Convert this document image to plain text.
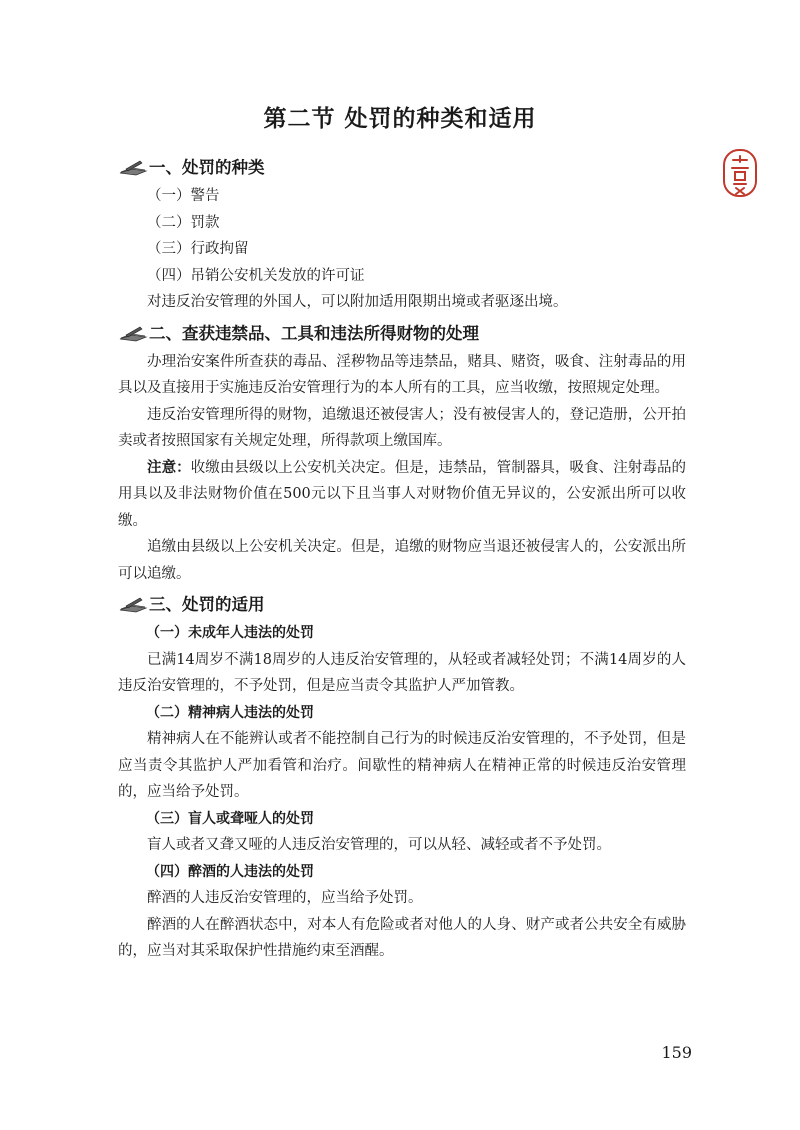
第二节 处罚的种类和适用
一、处罚的种类

（一）警告

（二）罚款

（三）行政拘留

（四）吊销公安机关发放的许可证

对违反治安管理的外国人，可以附加适用限期出境或者驱逐出境。

二、查获违禁品、工具和违法所得财物的处理

办理治安案件所查获的毒品、淫秽物品等违禁品，赌具、赌资，吸食、注射毒品的用具以及直接用于实施违反治安管理行为的本人所有的工具，应当收缴，按照规定处理。

违反治安管理所得的财物，追缴退还被侵害人；没有被侵害人的，登记造册，公开拍卖或者按照国家有关规定处理，所得款项上缴国库。

注意：收缴由县级以上公安机关决定。但是，违禁品，管制器具，吸食、注射毒品的用具以及非法财物价值在500元以下且当事人对财物价值无异议的，公安派出所可以收缴。

追缴由县级以上公安机关决定。但是，追缴的财物应当退还被侵害人的，公安派出所可以追缴。

三、处罚的适用

（一）未成年人违法的处罚

已满14周岁不满18周岁的人违反治安管理的，从轻或者减轻处罚；不满14周岁的人违反治安管理的，不予处罚，但是应当责令其监护人严加管教。

（二）精神病人违法的处罚

精神病人在不能辨认或者不能控制自己行为的时候违反治安管理的，不予处罚，但是应当责令其监护人严加看管和治疗。间歇性的精神病人在精神正常的时候违反治安管理的，应当给予处罚。

（三）盲人或聋哑人的处罚

盲人或者又聋又哑的人违反治安管理的，可以从轻、减轻或者不予处罚。

（四）醉酒的人违法的处罚

醉酒的人违反治安管理的，应当给予处罚。

醉酒的人在醉酒状态中，对本人有危险或者对他人的人身、财产或者公共安全有威胁的，应当对其采取保护性措施约束至酒醒。

159
